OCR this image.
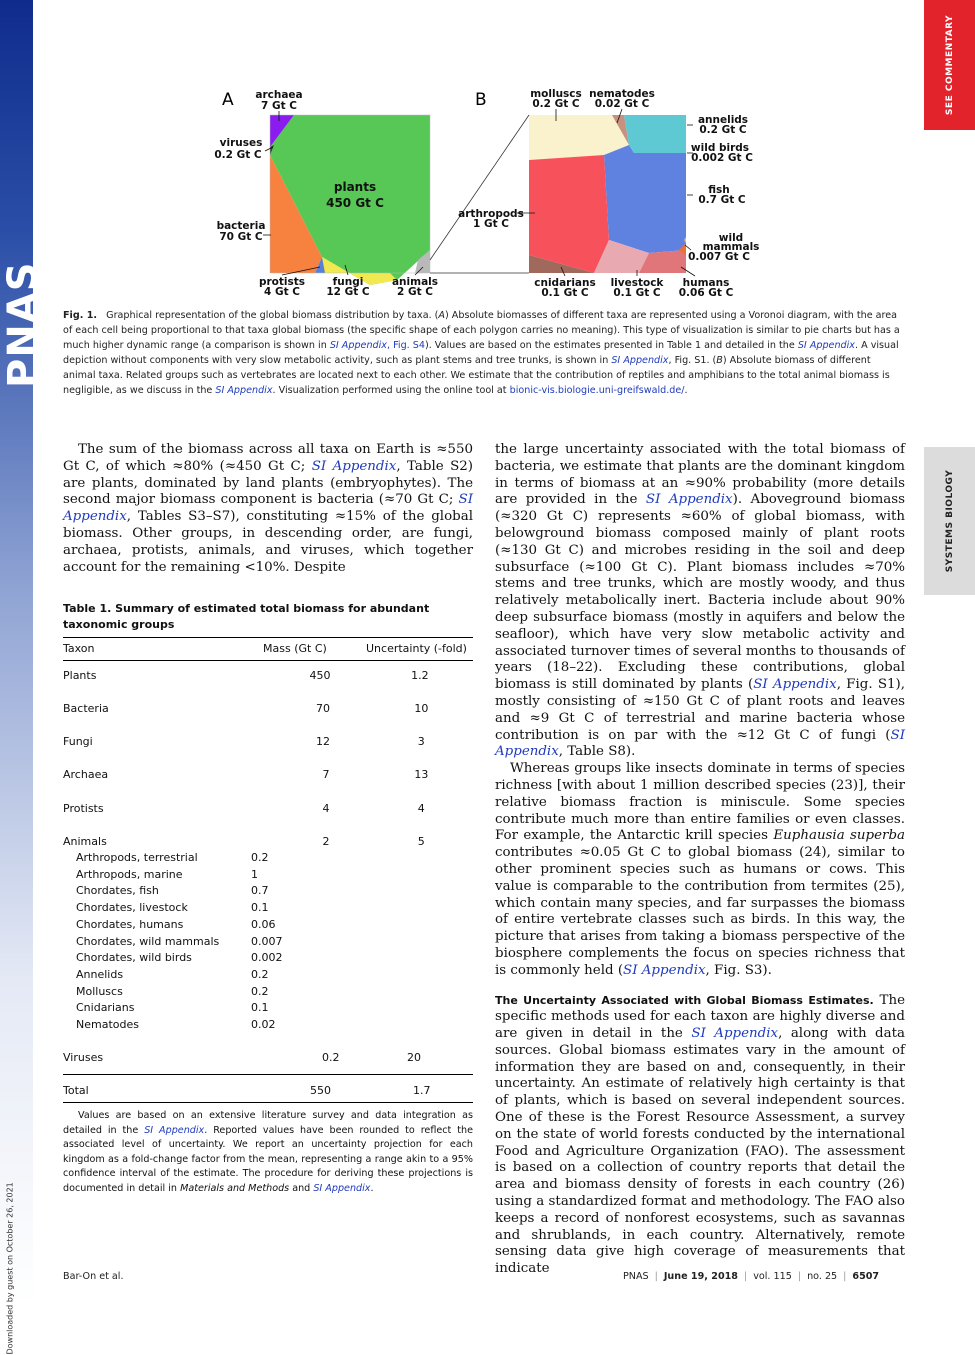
PNAS
Downloaded by guest on October 26, 2021
SEE COMMENTARY
SYSTEMS BIOLOGY
A	B
archaea
7 Gt C
viruses
0.2 Gt C
plants
450 Gt C
bacteria
70 Gt C
protists
4 Gt C
fungi
12 Gt C
animals
2 Gt C
molluscs
0.2 Gt C
nematodes
0.02 Gt C
annelids
0.2 Gt C
wild birds
0.002 Gt C
fish
0.7 Gt C
wild
mammals
0.007 Gt C
arthropods
1 Gt C
cnidarians
0.1 Gt C
livestock
0.1 Gt C
humans
0.06 Gt C
Fig. 1. Graphical representation of the global biomass distribution by taxa. (A) Absolute biomasses of different taxa are represented using a Voronoi diagram, with the area of each cell being proportional to that taxa global biomass (the specific shape of each polygon carries no meaning). This type of visualization is similar to pie charts but has a much higher dynamic range (a comparison is shown in SI Appendix, Fig. S4). Values are based on the estimates presented in Table 1 and detailed in the SI Appendix. A visual depiction without components with very slow metabolic activity, such as plant stems and tree trunks, is shown in SI Appendix, Fig. S1. (B) Absolute biomass of different animal taxa. Related groups such as vertebrates are located next to each other. We estimate that the contribution of reptiles and amphibians to the total animal biomass is negligible, as we discuss in the SI Appendix. Visualization performed using the online tool at bionic-vis.biologie.uni-greifswald.de/.

The sum of the biomass across all taxa on Earth is ≈550 Gt C, of which ≈80% (≈450 Gt C; SI Appendix, Table S2) are plants, dominated by land plants (embryophytes). The second major biomass component is bacteria (≈70 Gt C; SI Appendix, Tables S3–S7), constituting ≈15% of the global biomass. Other groups, in descending order, are fungi, archaea, protists, animals, and viruses, which together account for the remaining <10%. Despite

Table 1. Summary of estimated total biomass for abundant taxonomic groups
Taxon	Mass (Gt C)	Uncertainty (-fold)
Plants	450	1.2
Bacteria	70	10
Fungi	12	3
Archaea	7	13
Protists	4	4
Animals	2	5
Arthropods, terrestrial	0.2
Arthropods, marine	1
Chordates, fish	0.7
Chordates, livestock	0.1
Chordates, humans	0.06
Chordates, wild mammals	0.007
Chordates, wild birds	0.002
Annelids	0.2
Molluscs	0.2
Cnidarians	0.1
Nematodes	0.02
Viruses	0.2	20
Total	550	1.7
Values are based on an extensive literature survey and data integration as detailed in the SI Appendix. Reported values have been rounded to reflect the associated level of uncertainty. We report an uncertainty projection for each kingdom as a fold-change factor from the mean, representing a range akin to a 95% confidence interval of the estimate. The procedure for deriving these projections is documented in detail in Materials and Methods and SI Appendix.

the large uncertainty associated with the total biomass of bacteria, we estimate that plants are the dominant kingdom in terms of biomass at an ≈90% probability (more details are provided in the SI Appendix). Aboveground biomass (≈320 Gt C) represents ≈60% of global biomass, with belowground biomass composed mainly of plant roots (≈130 Gt C) and microbes residing in the soil and deep subsurface (≈100 Gt C). Plant biomass includes ≈70% stems and tree trunks, which are mostly woody, and thus relatively metabolically inert. Bacteria include about 90% deep subsurface biomass (mostly in aquifers and below the seafloor), which have very slow metabolic activity and associated turnover times of several months to thousands of years (18–22). Excluding these contributions, global biomass is still dominated by plants (SI Appendix, Fig. S1), mostly consisting of ≈150 Gt C of plant roots and leaves and ≈9 Gt C of terrestrial and marine bacteria whose contribution is on par with the ≈12 Gt C of fungi (SI Appendix, Table S8).

Whereas groups like insects dominate in terms of species richness [with about 1 million described species (23)], their relative biomass fraction is miniscule. Some species contribute much more than entire families or even classes. For example, the Antarctic krill species Euphausia superba contributes ≈0.05 Gt C to global biomass (24), similar to other prominent species such as humans or cows. This value is comparable to the contribution from termites (25), which contain many species, and far surpasses the biomass of entire vertebrate classes such as birds. In this way, the picture that arises from taking a biomass perspective of the biosphere complements the focus on species richness that is commonly held (SI Appendix, Fig. S3).

The Uncertainty Associated with Global Biomass Estimates. The specific methods used for each taxon are highly diverse and are given in detail in the SI Appendix, along with data sources. Global biomass estimates vary in the amount of information they are based on and, consequently, in their uncertainty. An estimate of relatively high certainty is that of plants, which is based on several independent sources. One of these is the Forest Resource Assessment, a survey on the state of world forests conducted by the international Food and Agriculture Organization (FAO). The assessment is based on a collection of country reports that detail the area and biomass density of forests in each country (26) using a standardized format and methodology. The FAO also keeps a record of nonforest ecosystems, such as savannas and shrublands, in each country. Alternatively, remote sensing data give high coverage of measurements that indicate

Bar-On et al.	PNAS | June 19, 2018 | vol. 115 | no. 25 | 6507
